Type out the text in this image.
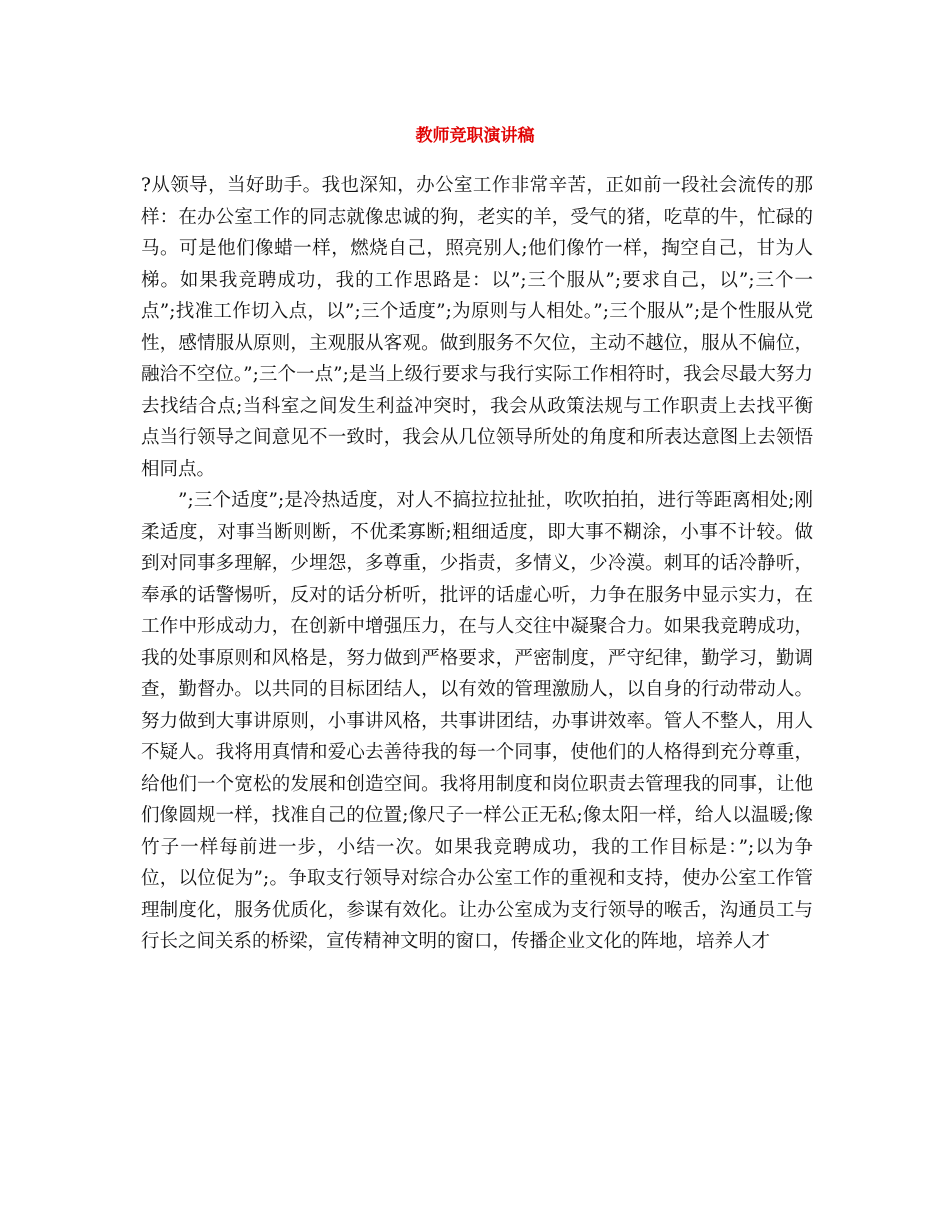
教师竞职演讲稿

?从领导，当好助手。我也深知，办公室工作非常辛苦，正如前一段社会流传的那样：在办公室工作的同志就像忠诚的狗，老实的羊，受气的猪，吃草的牛，忙碌的马。可是他们像蜡一样，燃烧自己，照亮别人;他们像竹一样，掏空自己，甘为人梯。如果我竞聘成功，我的工作思路是：以”;三个服从”;要求自己，以”;三个一点”;找准工作切入点，以”;三个适度”;为原则与人相处。”;三个服从”;是个性服从党性，感情服从原则，主观服从客观。做到服务不欠位，主动不越位，服从不偏位，融洽不空位。”;三个一点”;是当上级行要求与我行实际工作相符时，我会尽最大努力去找结合点;当科室之间发生利益冲突时，我会从政策法规与工作职责上去找平衡点当行领导之间意见不一致时，我会从几位领导所处的角度和所表达意图上去领悟相同点。

”;三个适度”;是冷热适度，对人不搞拉拉扯扯，吹吹拍拍，进行等距离相处;刚柔适度，对事当断则断，不优柔寡断;粗细适度，即大事不糊涂，小事不计较。做到对同事多理解，少埋怨，多尊重，少指责，多情义，少冷漠。刺耳的话冷静听，奉承的话警惕听，反对的话分析听，批评的话虚心听，力争在服务中显示实力，在工作中形成动力，在创新中增强压力，在与人交往中凝聚合力。如果我竞聘成功，我的处事原则和风格是，努力做到严格要求，严密制度，严守纪律，勤学习，勤调查，勤督办。以共同的目标团结人，以有效的管理激励人，以自身的行动带动人。努力做到大事讲原则，小事讲风格，共事讲团结，办事讲效率。管人不整人，用人不疑人。我将用真情和爱心去善待我的每一个同事，使他们的人格得到充分尊重，给他们一个宽松的发展和创造空间。我将用制度和岗位职责去管理我的同事，让他们像圆规一样，找准自己的位置;像尺子一样公正无私;像太阳一样，给人以温暖;像竹子一样每前进一步，小结一次。如果我竞聘成功，我的工作目标是：”;以为争位，以位促为”;。争取支行领导对综合办公室工作的重视和支持，使办公室工作管理制度化，服务优质化，参谋有效化。让办公室成为支行领导的喉舌，沟通员工与行长之间关系的桥梁，宣传精神文明的窗口，传播企业文化的阵地，培养人才
